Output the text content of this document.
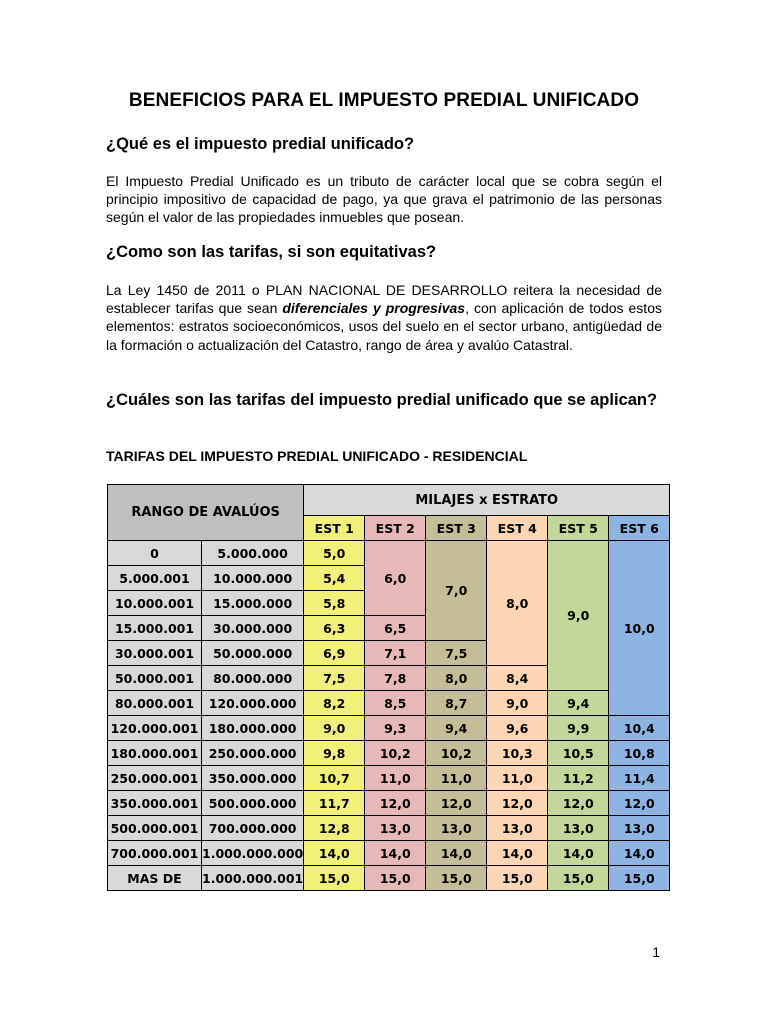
BENEFICIOS PARA EL IMPUESTO PREDIAL UNIFICADO
¿Qué es el impuesto predial unificado?
El Impuesto Predial Unificado es un tributo de carácter local que se cobra según el principio impositivo de capacidad de pago, ya que grava el patrimonio de las personas según el valor de las propiedades inmuebles que posean.
¿Como son las tarifas, si son equitativas?
La Ley 1450 de 2011 o PLAN NACIONAL DE DESARROLLO reitera la necesidad de establecer tarifas que sean diferenciales y progresivas, con aplicación de todos estos elementos: estratos socioeconómicos, usos del suelo en el sector urbano, antigüedad de la formación o actualización del Catastro, rango de área y avalúo Catastral.
¿Cuáles son las tarifas del impuesto predial unificado que se aplican?
TARIFAS DEL IMPUESTO PREDIAL UNIFICADO - RESIDENCIAL
RANGO DE AVALÚOS		MILAJES x ESTRATO					
		EST 1	EST 2	EST 3	EST 4	EST 5	EST 6
0	5.000.000	5,0	6,0	7,0	8,0	9,0	10,0
5.000.001	10.000.000	5,4					
10.000.001	15.000.000	5,8					
15.000.001	30.000.000	6,3	6,5				
30.000.001	50.000.000	6,9	7,1	7,5			
50.000.001	80.000.000	7,5	7,8	8,0	8,4		
80.000.001	120.000.000	8,2	8,5	8,7	9,0	9,4	
120.000.001	180.000.000	9,0	9,3	9,4	9,6	9,9	10,4
180.000.001	250.000.000	9,8	10,2	10,2	10,3	10,5	10,8
250.000.001	350.000.000	10,7	11,0	11,0	11,0	11,2	11,4
350.000.001	500.000.000	11,7	12,0	12,0	12,0	12,0	12,0
500.000.001	700.000.000	12,8	13,0	13,0	13,0	13,0	13,0
700.000.001	1.000.000.000	14,0	14,0	14,0	14,0	14,0	14,0
MAS DE	1.000.000.001	15,0	15,0	15,0	15,0	15,0	15,0
1
